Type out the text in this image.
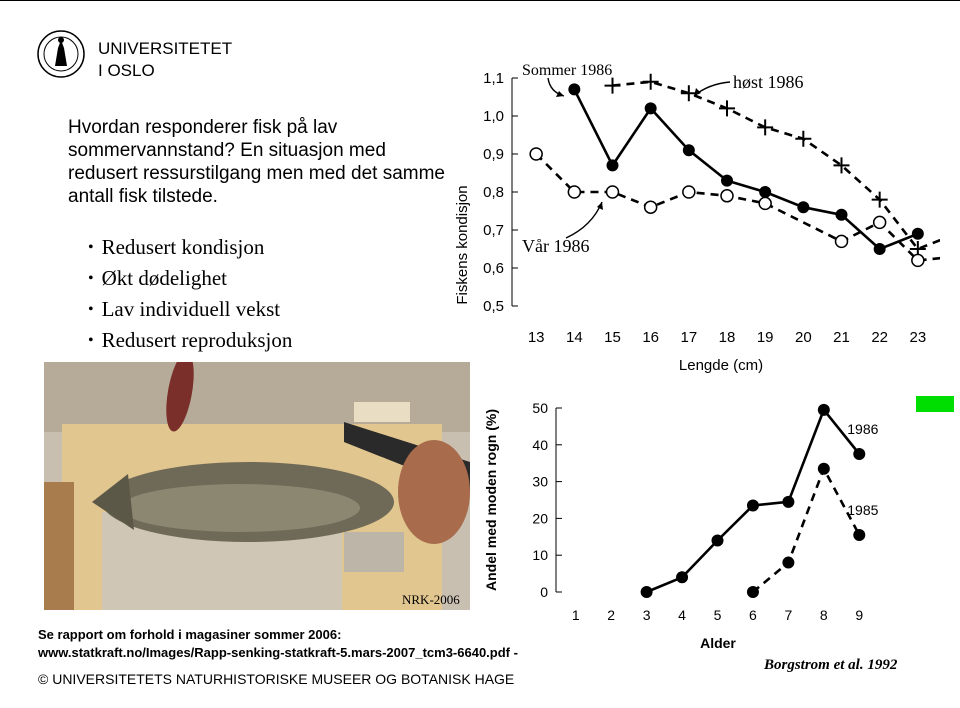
UNIVERSITETET
I OSLO
Hvordan responderer fisk på lav sommervannstand? En situasjon med redusert ressurstilgang men med det samme antall fisk tilstede.
• Redusert kondisjon
• Økt dødelighet
• Lav individuell vekst
• Redusert reproduksjon
Fiskens kondisjon
Lengde (cm)
Sommer 1986
høst 1986
Vår 1986
1,1
1,0
0,9
0,8
0,7
0,6
0,5
13 14 15 16 17 18 19 20 21 22 23
NRK-2006
Andel med moden rogn (%)
Alder
50
40
30
20
10
0
1 2 3 4 5 6 7 8 9
1986
1985
Se rapport om forhold i magasiner sommer 2006:
www.statkraft.no/Images/Rapp-senking-statkraft-5.mars-2007_tcm3-6640.pdf -
© UNIVERSITETETS NATURHISTORISKE MUSEER OG BOTANISK HAGE
Borgstrom et al. 1992
